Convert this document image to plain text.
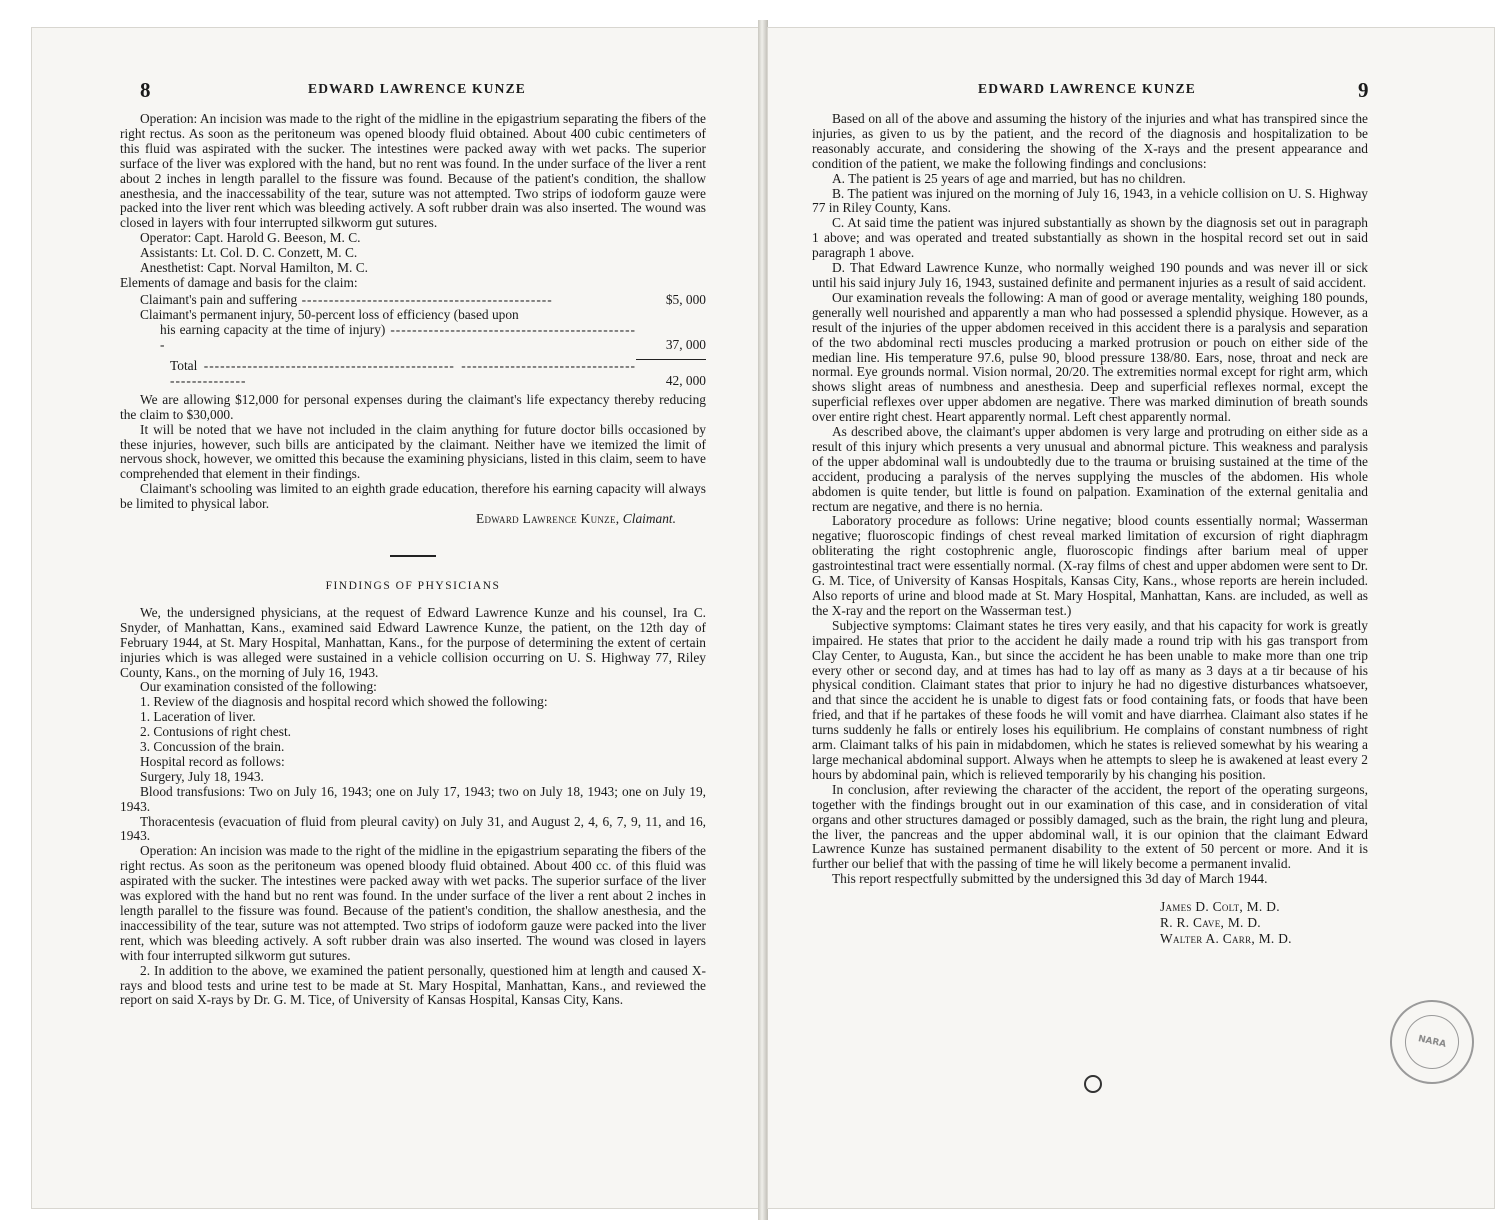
8	EDWARD LAWRENCE KUNZE	EDWARD LAWRENCE KUNZE	9

Operation: An incision was made to the right of the midline in the epigastrium separating the fibers of the right rectus. As soon as the peritoneum was opened bloody fluid obtained. About 400 cubic centimeters of this fluid was aspirated with the sucker. The intestines were packed away with wet packs. The superior surface of the liver was explored with the hand, but no rent was found. In the under surface of the liver a rent about 2 inches in length parallel to the fissure was found. Because of the patient's condition, the shallow anesthesia, and the inaccessability of the tear, suture was not attempted. Two strips of iodoform gauze were packed into the liver rent which was bleeding actively. A soft rubber drain was also inserted. The wound was closed in layers with four interrupted silkworm gut sutures.

Operator: Capt. Harold G. Beeson, M. C.

Assistants: Lt. Col. D. C. Conzett, M. C.

Anesthetist: Capt. Norval Hamilton, M. C.

Elements of damage and basis for the claim:

Claimant's pain and suffering -----	$5, 000
Claimant's permanent injury, 50-percent loss of efficiency (based upon	
his earning capacity at the time of injury) -----	37, 000

Total ----- -----	42, 000

We are allowing $12,000 for personal expenses during the claimant's life expectancy thereby reducing the claim to $30,000.

It will be noted that we have not included in the claim anything for future doctor bills occasioned by these injuries, however, such bills are anticipated by the claimant. Neither have we itemized the limit of nervous shock, however, we omitted this because the examining physicians, listed in this claim, seem to have comprehended that element in their findings.

Claimant's schooling was limited to an eighth grade education, therefore his earning capacity will always be limited to physical labor.

Edward Lawrence Kunze, Claimant.

FINDINGS OF PHYSICIANS

We, the undersigned physicians, at the request of Edward Lawrence Kunze and his counsel, Ira C. Snyder, of Manhattan, Kans., examined said Edward Lawrence Kunze, the patient, on the 12th day of February 1944, at St. Mary Hospital, Manhattan, Kans., for the purpose of determining the extent of certain injuries which is was alleged were sustained in a vehicle collision occurring on U. S. Highway 77, Riley County, Kans., on the morning of July 16, 1943.

Our examination consisted of the following:

1. Review of the diagnosis and hospital record which showed the following:

1. Laceration of liver.

2. Contusions of right chest.

3. Concussion of the brain.

Hospital record as follows:

Surgery, July 18, 1943.

Blood transfusions: Two on July 16, 1943; one on July 17, 1943; two on July 18, 1943; one on July 19, 1943.

Thoracentesis (evacuation of fluid from pleural cavity) on July 31, and August 2, 4, 6, 7, 9, 11, and 16, 1943.

Operation: An incision was made to the right of the midline in the epigastrium separating the fibers of the right rectus. As soon as the peritoneum was opened bloody fluid obtained. About 400 cc. of this fluid was aspirated with the sucker. The intestines were packed away with wet packs. The superior surface of the liver was explored with the hand but no rent was found. In the under surface of the liver a rent about 2 inches in length parallel to the fissure was found. Because of the patient's condition, the shallow anesthesia, and the inaccessibility of the tear, suture was not attempted. Two strips of iodoform gauze were packed into the liver rent, which was bleeding actively. A soft rubber drain was also inserted. The wound was closed in layers with four interrupted silkworm gut sutures.

2. In addition to the above, we examined the patient personally, questioned him at length and caused X-rays and blood tests and urine test to be made at St. Mary Hospital, Manhattan, Kans., and reviewed the report on said X-rays by Dr. G. M. Tice, of University of Kansas Hospital, Kansas City, Kans.

Based on all of the above and assuming the history of the injuries and what has transpired since the injuries, as given to us by the patient, and the record of the diagnosis and hospitalization to be reasonably accurate, and considering the showing of the X-rays and the present appearance and condition of the patient, we make the following findings and conclusions:

A. The patient is 25 years of age and married, but has no children.

B. The patient was injured on the morning of July 16, 1943, in a vehicle collision on U. S. Highway 77 in Riley County, Kans.

C. At said time the patient was injured substantially as shown by the diagnosis set out in paragraph 1 above; and was operated and treated substantially as shown in the hospital record set out in said paragraph 1 above.

D. That Edward Lawrence Kunze, who normally weighed 190 pounds and was never ill or sick until his said injury July 16, 1943, sustained definite and permanent injuries as a result of said accident.

Our examination reveals the following: A man of good or average mentality, weighing 180 pounds, generally well nourished and apparently a man who had possessed a splendid physique. However, as a result of the injuries of the upper abdomen received in this accident there is a paralysis and separation of the two abdominal recti muscles producing a marked protrusion or pouch on either side of the median line. His temperature 97.6, pulse 90, blood pressure 138/80. Ears, nose, throat and neck are normal. Eye grounds normal. Vision normal, 20/20. The extremities normal except for right arm, which shows slight areas of numbness and anesthesia. Deep and superficial reflexes normal, except the superficial reflexes over upper abdomen are negative. There was marked diminution of breath sounds over entire right chest. Heart apparently normal. Left chest apparently normal.

As described above, the claimant's upper abdomen is very large and protruding on either side as a result of this injury which presents a very unusual and abnormal picture. This weakness and paralysis of the upper abdominal wall is undoubtedly due to the trauma or bruising sustained at the time of the accident, producing a paralysis of the nerves supplying the muscles of the abdomen. His whole abdomen is quite tender, but little is found on palpation. Examination of the external genitalia and rectum are negative, and there is no hernia.

Laboratory procedure as follows: Urine negative; blood counts essentially normal; Wasserman negative; fluoroscopic findings of chest reveal marked limitation of excursion of right diaphragm obliterating the right costophrenic angle, fluoroscopic findings after barium meal of upper gastrointestinal tract were essentially normal. (X-ray films of chest and upper abdomen were sent to Dr. G. M. Tice, of University of Kansas Hospitals, Kansas City, Kans., whose reports are herein included. Also reports of urine and blood made at St. Mary Hospital, Manhattan, Kans. are included, as well as the X-ray and the report on the Wasserman test.)

Subjective symptoms: Claimant states he tires very easily, and that his capacity for work is greatly impaired. He states that prior to the accident he daily made a round trip with his gas transport from Clay Center, to Augusta, Kan., but since the accident he has been unable to make more than one trip every other or second day, and at times has had to lay off as many as 3 days at a tir because of his physical condition. Claimant states that prior to injury he had no digestive disturbances whatsoever, and that since the accident he is unable to digest fats or food containing fats, or foods that have been fried, and that if he partakes of these foods he will vomit and have diarrhea. Claimant also states if he turns suddenly he falls or entirely loses his equilibrium. He complains of constant numbness of right arm. Claimant talks of his pain in midabdomen, which he states is relieved somewhat by his wearing a large mechanical abdominal support. Always when he attempts to sleep he is awakened at least every 2 hours by abdominal pain, which is relieved temporarily by his changing his position.

In conclusion, after reviewing the character of the accident, the report of the operating surgeons, together with the findings brought out in our examination of this case, and in consideration of vital organs and other structures damaged or possibly damaged, such as the brain, the right lung and pleura, the liver, the pancreas and the upper abdominal wall, it is our opinion that the claimant Edward Lawrence Kunze has sustained permanent disability to the extent of 50 percent or more. And it is further our belief that with the passing of time he will likely become a permanent invalid.

This report respectfully submitted by the undersigned this 3d day of March 1944.

James D. Colt, M. D.
R. R. Cave, M. D.
Walter A. Carr, M. D.
NARA
